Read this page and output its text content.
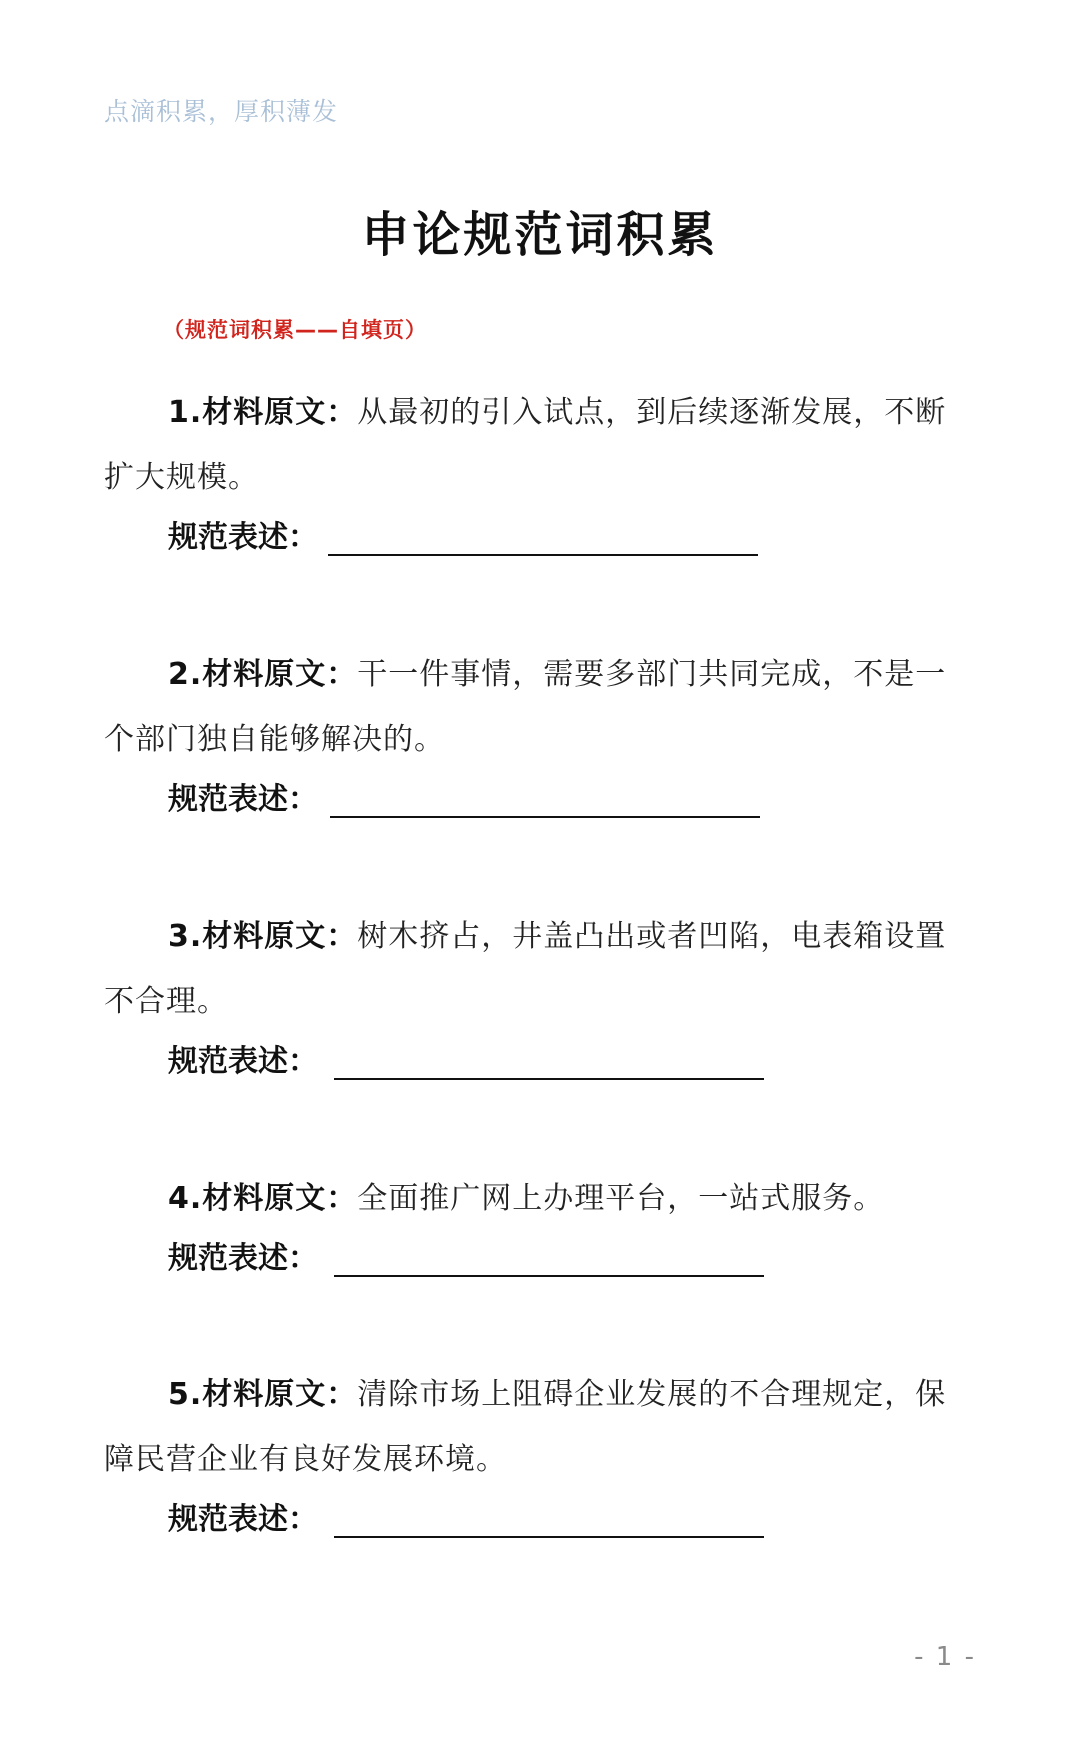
点滴积累，厚积薄发
申论规范词积累
（规范词积累——自填页）
1.材料原文：从最初的引入试点，到后续逐渐发展，不断扩大规模。
规范表述：
2.材料原文：干一件事情，需要多部门共同完成，不是一个部门独自能够解决的。
规范表述：
3.材料原文：树木挤占，井盖凸出或者凹陷，电表箱设置不合理。
规范表述：
4.材料原文：全面推广网上办理平台，一站式服务。
规范表述：
5.材料原文：清除市场上阻碍企业发展的不合理规定，保障民营企业有良好发展环境。
规范表述：
- 1 -
